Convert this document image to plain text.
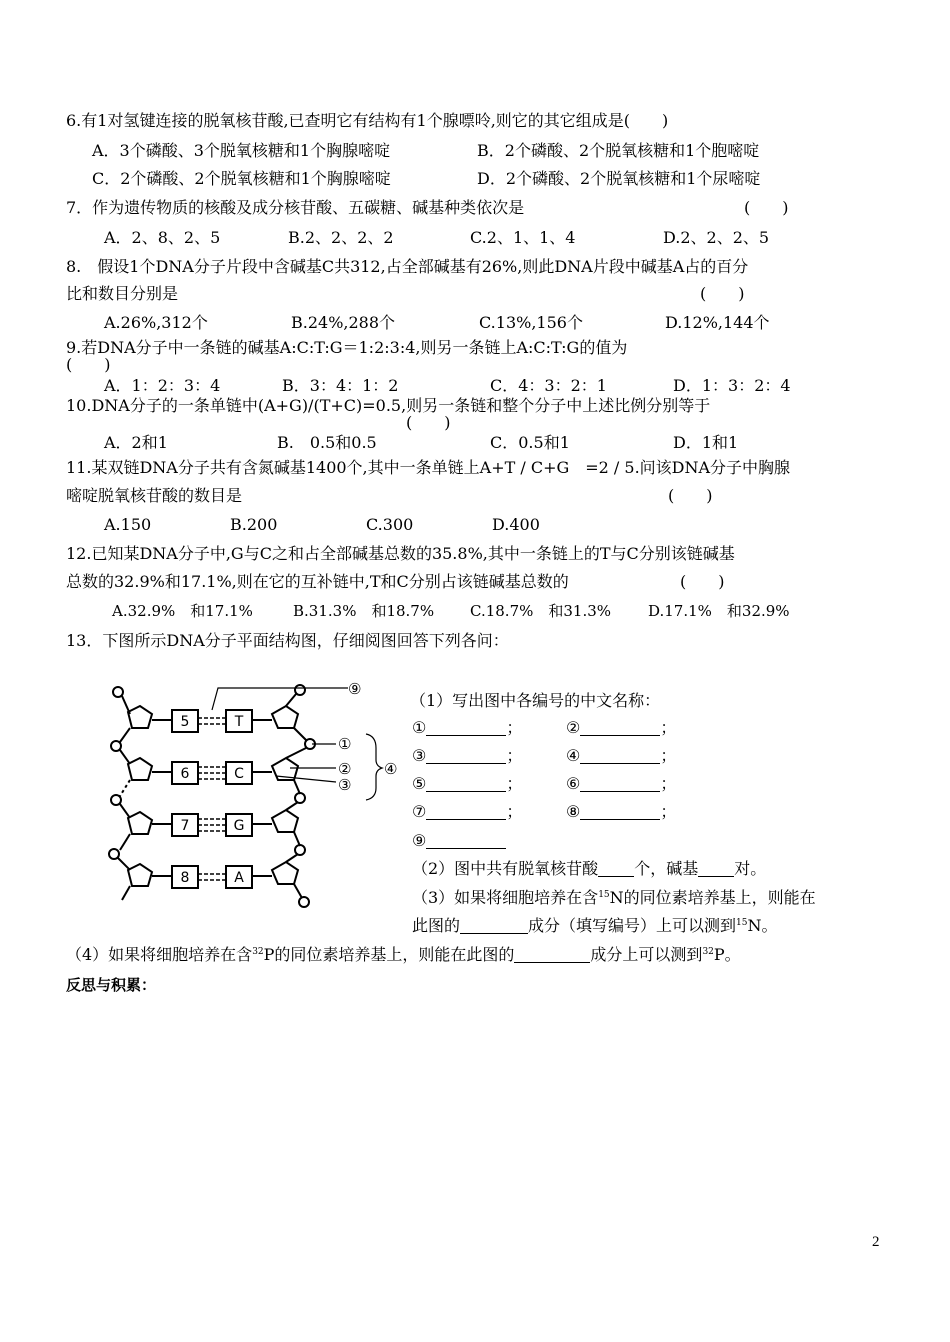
6.有1对氢键连接的脱氧核苷酸,已查明它有结构有1个腺嘌呤,则它的其它组成是(　　)
A．3个磷酸、3个脱氧核糖和1个胸腺嘧啶	B．2个磷酸、2个脱氧核糖和1个胞嘧啶
C．2个磷酸、2个脱氧核糖和1个胸腺嘧啶	D．2个磷酸、2个脱氧核糖和1个尿嘧啶
7．作为遗传物质的核酸及成分核苷酸、五碳糖、碱基种类依次是	(　　)
A．2、8、2、5	B.2、2、2、2	C.2、1、1、4	D.2、2、2、5
8.　假设1个DNA分子片段中含碱基C共312,占全部碱基有26%,则此DNA片段中碱基A占的百分
比和数目分别是	(　　)
A.26%,312个	B.24%,288个	C.13%,156个	D.12%,144个
9.若DNA分子中一条链的碱基A:C:T:G＝1:2:3:4,则另一条链上A:C:T:G的值为
(　　)
A．1：2：3：4	B．3：4：1：2	C．4：3：2：1	D．1：3：2：4
10.DNA分子的一条单链中(A+G)/(T+C)=0.5,则另一条链和整个分子中上述比例分别等于
(　　)
A．2和1	B.　0.5和0.5	C．0.5和1	D．1和1
11.某双链DNA分子共有含氮碱基1400个,其中一条单链上A+T / C+G　=2 / 5.问该DNA分子中胸腺
嘧啶脱氧核苷酸的数目是	(　　)
A.150	B.200	C.300	D.400
12.已知某DNA分子中,G与C之和占全部碱基总数的35.8%,其中一条链上的T与C分别该链碱基
总数的32.9%和17.1%,则在它的互补链中,T和C分别占该链碱基总数的	(　　)
A.32.9%　和17.1%	B.31.3%　和18.7% C.18.7%　和31.3% D.17.1%　和32.9%
13．下图所示DNA分子平面结构图，仔细阅图回答下列各问：
5
6
7
8
T
C
G
A
⑨
①
②
③
④
（1）写出图中各编号的中文名称：
①	；	②	；
③	；	④	；
⑤	；	⑥	；
⑦	；	⑧	；
⑨
（2）图中共有脱氧核苷酸 个，碱基 对。
（3）如果将细胞培养在含$^{15}$N的同位素培养基上，则能在
此图的	成分（填写编号）上可以测到$^{15}$N。
（4）如果将细胞培养在含$^{32}$P的同位素培养基上，则能在此图的	成分上可以测到$^{32}$P。
反思与积累：
2
